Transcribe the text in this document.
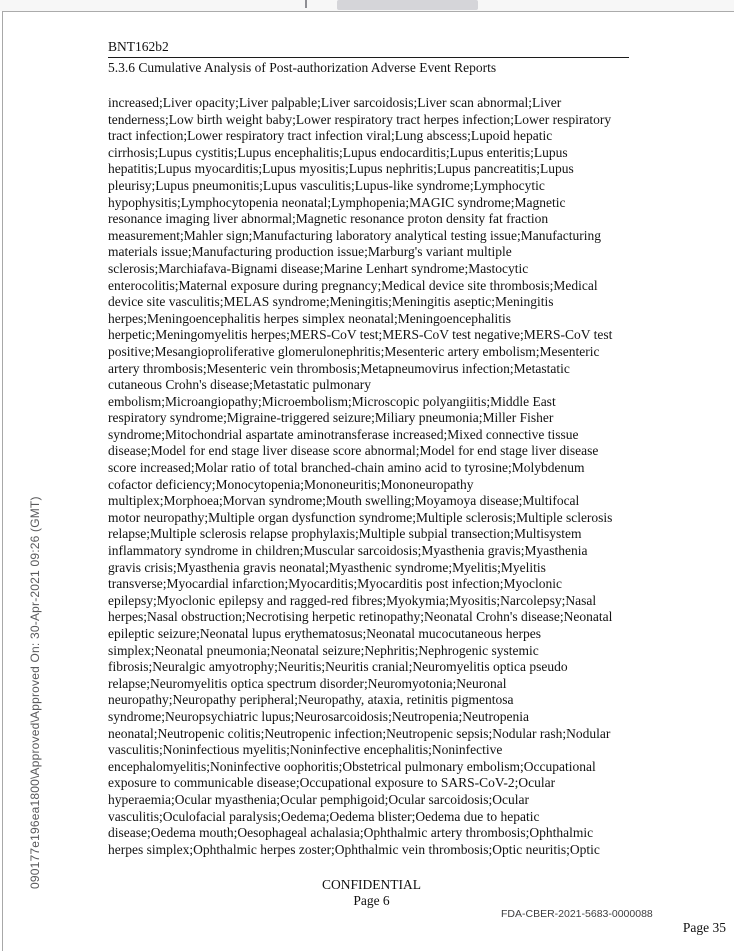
BNT162b2
5.3.6 Cumulative Analysis of Post-authorization Adverse Event Reports
increased;Liver opacity;Liver palpable;Liver sarcoidosis;Liver scan abnormal;Liver
tenderness;Low birth weight baby;Lower respiratory tract herpes infection;Lower respiratory
tract infection;Lower respiratory tract infection viral;Lung abscess;Lupoid hepatic
cirrhosis;Lupus cystitis;Lupus encephalitis;Lupus endocarditis;Lupus enteritis;Lupus
hepatitis;Lupus myocarditis;Lupus myositis;Lupus nephritis;Lupus pancreatitis;Lupus
pleurisy;Lupus pneumonitis;Lupus vasculitis;Lupus-like syndrome;Lymphocytic
hypophysitis;Lymphocytopenia neonatal;Lymphopenia;MAGIC syndrome;Magnetic
resonance imaging liver abnormal;Magnetic resonance proton density fat fraction
measurement;Mahler sign;Manufacturing laboratory analytical testing issue;Manufacturing
materials issue;Manufacturing production issue;Marburg's variant multiple
sclerosis;Marchiafava-Bignami disease;Marine Lenhart syndrome;Mastocytic
enterocolitis;Maternal exposure during pregnancy;Medical device site thrombosis;Medical
device site vasculitis;MELAS syndrome;Meningitis;Meningitis aseptic;Meningitis
herpes;Meningoencephalitis herpes simplex neonatal;Meningoencephalitis
herpetic;Meningomyelitis herpes;MERS-CoV test;MERS-CoV test negative;MERS-CoV test
positive;Mesangioproliferative glomerulonephritis;Mesenteric artery embolism;Mesenteric
artery thrombosis;Mesenteric vein thrombosis;Metapneumovirus infection;Metastatic
cutaneous Crohn's disease;Metastatic pulmonary
embolism;Microangiopathy;Microembolism;Microscopic polyangiitis;Middle East
respiratory syndrome;Migraine-triggered seizure;Miliary pneumonia;Miller Fisher
syndrome;Mitochondrial aspartate aminotransferase increased;Mixed connective tissue
disease;Model for end stage liver disease score abnormal;Model for end stage liver disease
score increased;Molar ratio of total branched-chain amino acid to tyrosine;Molybdenum
cofactor deficiency;Monocytopenia;Mononeuritis;Mononeuropathy
multiplex;Morphoea;Morvan syndrome;Mouth swelling;Moyamoya disease;Multifocal
motor neuropathy;Multiple organ dysfunction syndrome;Multiple sclerosis;Multiple sclerosis
relapse;Multiple sclerosis relapse prophylaxis;Multiple subpial transection;Multisystem
inflammatory syndrome in children;Muscular sarcoidosis;Myasthenia gravis;Myasthenia
gravis crisis;Myasthenia gravis neonatal;Myasthenic syndrome;Myelitis;Myelitis
transverse;Myocardial infarction;Myocarditis;Myocarditis post infection;Myoclonic
epilepsy;Myoclonic epilepsy and ragged-red fibres;Myokymia;Myositis;Narcolepsy;Nasal
herpes;Nasal obstruction;Necrotising herpetic retinopathy;Neonatal Crohn's disease;Neonatal
epileptic seizure;Neonatal lupus erythematosus;Neonatal mucocutaneous herpes
simplex;Neonatal pneumonia;Neonatal seizure;Nephritis;Nephrogenic systemic
fibrosis;Neuralgic amyotrophy;Neuritis;Neuritis cranial;Neuromyelitis optica pseudo
relapse;Neuromyelitis optica spectrum disorder;Neuromyotonia;Neuronal
neuropathy;Neuropathy peripheral;Neuropathy, ataxia, retinitis pigmentosa
syndrome;Neuropsychiatric lupus;Neurosarcoidosis;Neutropenia;Neutropenia
neonatal;Neutropenic colitis;Neutropenic infection;Neutropenic sepsis;Nodular rash;Nodular
vasculitis;Noninfectious myelitis;Noninfective encephalitis;Noninfective
encephalomyelitis;Noninfective oophoritis;Obstetrical pulmonary embolism;Occupational
exposure to communicable disease;Occupational exposure to SARS-CoV-2;Ocular
hyperaemia;Ocular myasthenia;Ocular pemphigoid;Ocular sarcoidosis;Ocular
vasculitis;Oculofacial paralysis;Oedema;Oedema blister;Oedema due to hepatic
disease;Oedema mouth;Oesophageal achalasia;Ophthalmic artery thrombosis;Ophthalmic
herpes simplex;Ophthalmic herpes zoster;Ophthalmic vein thrombosis;Optic neuritis;Optic
CONFIDENTIAL
Page 6
FDA-CBER-2021-5683-0000088
Page 35
090177e196ea1800\Approved\Approved On: 30-Apr-2021 09:26 (GMT)
